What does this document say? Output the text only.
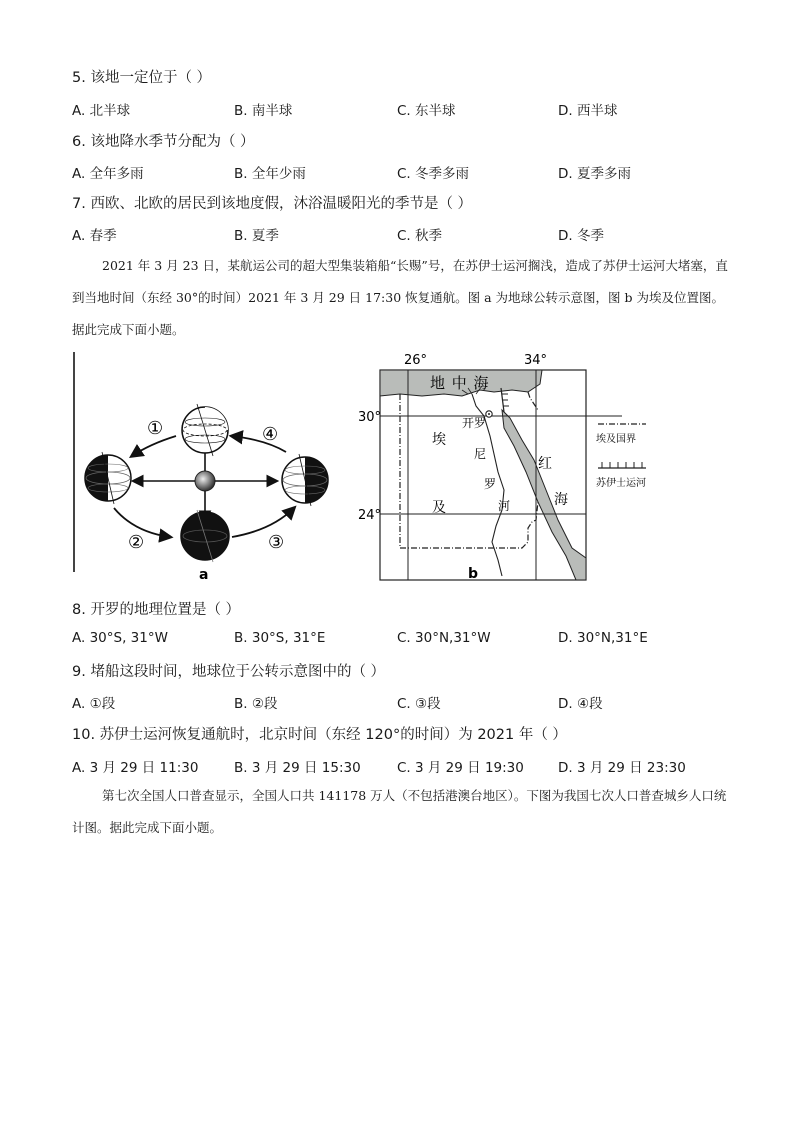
5. 该地一定位于（ ）
A. 北半球	B. 南半球	C. 东半球	D. 西半球
6. 该地降水季节分配为（ ）
A. 全年多雨	B. 全年少雨	C. 冬季多雨	D. 夏季多雨
7. 西欧、北欧的居民到该地度假，沐浴温暖阳光的季节是（ ）
A. 春季	B. 夏季	C. 秋季	D. 冬季
2021 年 3 月 23 日，某航运公司的超大型集装箱船“长赐”号，在苏伊士运河搁浅，造成了苏伊士运河大堵塞，直到当地时间（东经 30°的时间）2021 年 3 月 29 日 17:30 恢复通航。图 a 为地球公转示意图，图 b 为埃及位置图。据此完成下面小题。
①
②	③
④
a
26°	34°
30°
24°
地 中 海
开罗
埃
及
尼
罗
河
红
海
埃及国界
苏伊士运河
b
8. 开罗的地理位置是（ ）
A. 30°S, 31°W	B. 30°S, 31°E	C. 30°N,31°W	D. 30°N,31°E
9. 堵船这段时间，地球位于公转示意图中的（ ）
A. ①段	B. ②段	C. ③段	D. ④段
10. 苏伊士运河恢复通航时，北京时间（东经 120°的时间）为 2021 年（ ）
A. 3 月 29 日 11:30	B. 3 月 29 日 15:30	C. 3 月 29 日 19:30	D. 3 月 29 日 23:30
第七次全国人口普查显示，全国人口共 141178 万人（不包括港澳台地区）。下图为我国七次人口普查城乡人口统计图。据此完成下面小题。
